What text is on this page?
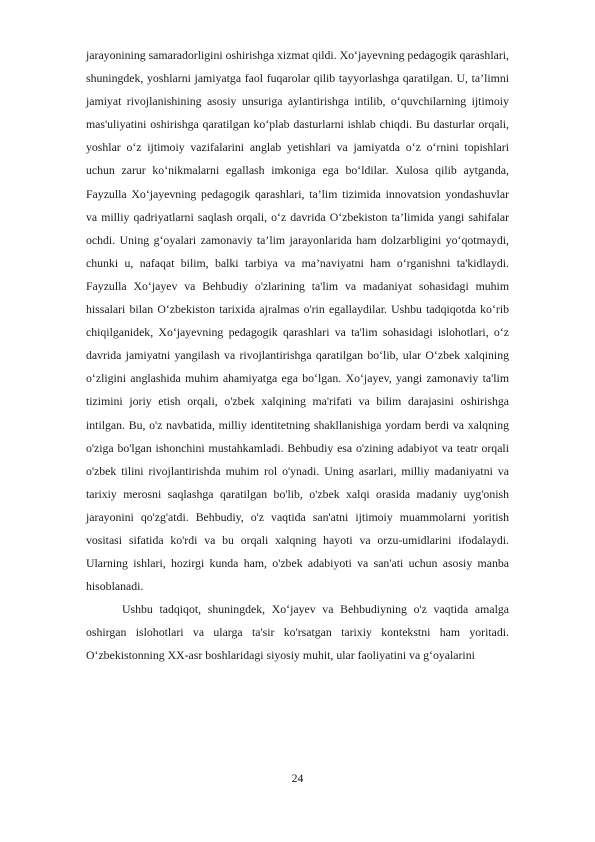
jarayonining samaradorligini oshirishga xizmat qildi. Xo‘jayevning pedagogik qarashlari, shuningdek, yoshlarni jamiyatga faol fuqarolar qilib tayyorlashga qaratilgan. U, ta’limni jamiyat rivojlanishining asosiy unsuriga aylantirishga intilib, o‘quvchilarning ijtimoiy mas'uliyatini oshirishga qaratilgan ko‘plab dasturlarni ishlab chiqdi. Bu dasturlar orqali, yoshlar o‘z ijtimoiy vazifalarini anglab yetishlari va jamiyatda o‘z o‘rnini topishlari uchun zarur ko‘nikmalarni egallash imkoniga ega bo‘ldilar. Xulosa qilib aytganda, Fayzulla Xo‘jayevning pedagogik qarashlari, ta’lim tizimida innovatsion yondashuvlar va milliy qadriyatlarni saqlash orqali, o‘z davrida O‘zbekiston ta’limida yangi sahifalar ochdi. Uning g‘oyalari zamonaviy ta’lim jarayonlarida ham dolzarbligini yo‘qotmaydi, chunki u, nafaqat bilim, balki tarbiya va ma’naviyatni ham o‘rganishni ta'kidlaydi. Fayzulla Xo‘jayev va Behbudiy o'zlarining ta'lim va madaniyat sohasidagi muhim hissalari bilan O‘zbekiston tarixida ajralmas o'rin egallaydilar. Ushbu tadqiqotda ko‘rib chiqilganidek, Xo‘jayevning pedagogik qarashlari va ta'lim sohasidagi islohotlari, o‘z davrida jamiyatni yangilash va rivojlantirishga qaratilgan bo‘lib, ular O‘zbek xalqining o‘zligini anglashida muhim ahamiyatga ega bo‘lgan. Xo‘jayev, yangi zamonaviy ta'lim tizimini joriy etish orqali, o'zbek xalqining ma'rifati va bilim darajasini oshirishga intilgan. Bu, o'z navbatida, milliy identitetning shakllanishiga yordam berdi va xalqning o'ziga bo'lgan ishonchini mustahkamladi. Behbudiy esa o'zining adabiyot va teatr orqali o'zbek tilini rivojlantirishda muhim rol o'ynadi. Uning asarlari, milliy madaniyatni va tarixiy merosni saqlashga qaratilgan bo'lib, o'zbek xalqi orasida madaniy uyg'onish jarayonini qo'zg'atdi. Behbudiy, o'z vaqtida san'atni ijtimoiy muammolarni yoritish vositasi sifatida ko'rdi va bu orqali xalqning hayoti va orzu-umidlarini ifodalaydi. Ularning ishlari, hozirgi kunda ham, o'zbek adabiyoti va san'ati uchun asosiy manba hisoblanadi.

Ushbu tadqiqot, shuningdek, Xo‘jayev va Behbudiyning o'z vaqtida amalga oshirgan islohotlari va ularga ta'sir ko'rsatgan tarixiy kontekstni ham yoritadi. O‘zbekistonning XX-asr boshlaridagi siyosiy muhit, ular faoliyatini va g‘oyalarini

24
